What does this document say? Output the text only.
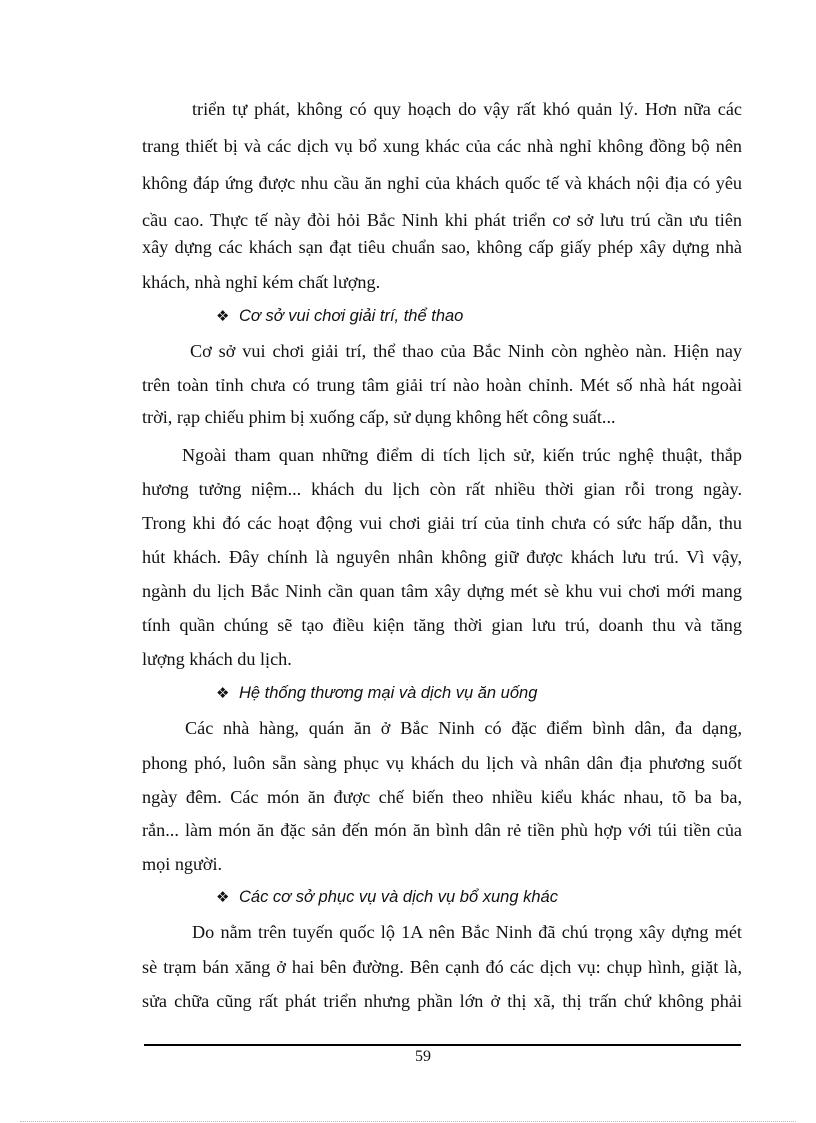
triển tự phát, không có quy hoạch do vậy rất khó quản lý. Hơn nữa các
trang thiết bị và các dịch vụ bổ xung khác của các nhà nghỉ không đồng bộ nên
không đáp ứng được nhu cầu ăn nghỉ của khách quốc tế và khách nội địa có yêu
cầu cao. Thực tế này đòi hỏi Bắc Ninh khi phát triển cơ sở lưu trú cần ưu tiên
xây dựng các khách sạn đạt tiêu chuẩn sao, không cấp giấy phép xây dựng nhà
khách, nhà nghỉ kém chất lượng.
❖ Cơ sở vui chơi giải trí, thể thao
Cơ sở vui chơi giải trí, thể thao của Bắc Ninh còn nghèo nàn. Hiện nay
trên toàn tỉnh chưa có trung tâm giải trí nào hoàn chỉnh. Mét số nhà hát ngoài
trời, rạp chiếu phim bị xuống cấp, sử dụng không hết công suất...
Ngoài tham quan những điểm di tích lịch sử, kiến trúc nghệ thuật, thắp
hương tưởng niệm... khách du lịch còn rất nhiều thời gian rỗi trong ngày.
Trong khi đó các hoạt động vui chơi giải trí của tỉnh chưa có sức hấp dẫn, thu
hút khách. Đây chính là nguyên nhân không giữ được khách lưu trú. Vì vậy,
ngành du lịch Bắc Ninh cần quan tâm xây dựng mét sè khu vui chơi mới mang
tính quần chúng sẽ tạo điều kiện tăng thời gian lưu trú, doanh thu và tăng
lượng khách du lịch.
❖ Hệ thống thương mại và dịch vụ ăn uống
Các nhà hàng, quán ăn ở Bắc Ninh có đặc điểm bình dân, đa dạng,
phong phó, luôn sẵn sàng phục vụ khách du lịch và nhân dân địa phương suốt
ngày đêm. Các món ăn được chế biến theo nhiều kiểu khác nhau, tõ ba ba,
rắn... làm món ăn đặc sản đến món ăn bình dân rẻ tiền phù hợp với túi tiền của
mọi người.
❖ Các cơ sở phục vụ và dịch vụ bổ xung khác
Do nằm trên tuyến quốc lộ 1A nên Bắc Ninh đã chú trọng xây dựng mét
sè trạm bán xăng ở hai bên đường. Bên cạnh đó các dịch vụ: chụp hình, giặt là,
sửa chữa cũng rất phát triển nhưng phần lớn ở thị xã, thị trấn chứ không phải
59
